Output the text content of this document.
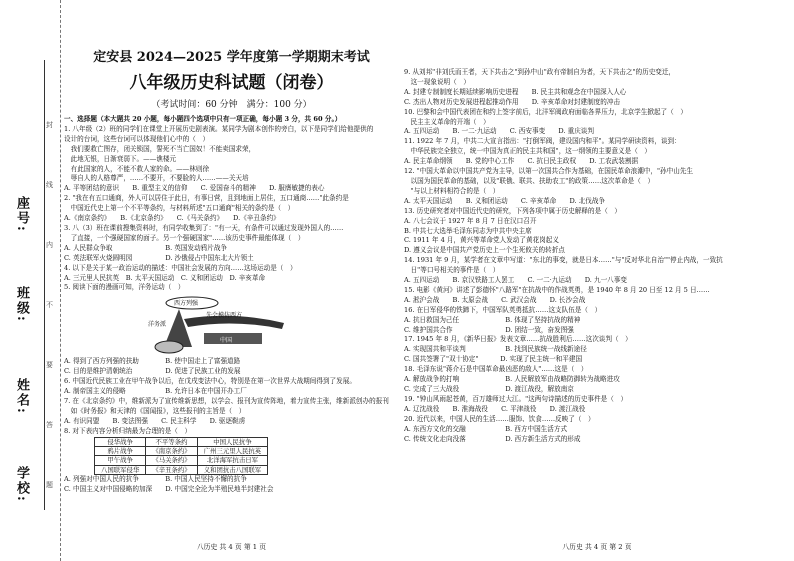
座号:
班级:
姓名:
学校:
封
线
内
不
要
答
题
定安县 2024—2025 学年度第一学期期末考试
八年级历史科试题（闭卷）
（考试时间：60 分钟　满分：100 分）
一、选择题（本大题共 20 小题，每小题四个选项中只有一项正确，每小题 3 分，共 60 分。）
1. 八年级（2）班的同学们在课堂上开展历史剧表演。某同学为剧本创作的旁白，以下是同学们给他提供的
设计的台词，这些台词可以体现他们心中的（　）
　我们要救亡图存，闭关锁国，誓死不当亡国奴！不能卖国求荣，
　此地无银，日渐衰弱下。——谯楼元
　有此国家的人，不能不救人家的命。——林则徐
　辱自人的人格尊严，……不要开，不要脸的人……——关天培
A. 平等团结的意识　　B. 重型主义的信仰　　C. 爱国奋斗的精神　　D. 服膺敏捷的表心
2. "我在有五口通商，外人可以居住于此日，有事日营，且到地面上居住，五口通商……"此条约是
　中国近代史上第一个不平等条约，与材料所述"五口通商"相关的条约是（　）
A.《南京条约》　　B.《北京条约》　　C.《马关条约》　　D.《辛丑条约》
3. 八（3）班在课前搜集资料时，有同学收集到了："有一天，有条件可以通过发现外国人的……
　了直接，一个强硬国家的面子。另一个强硬国家"……该历史事件最能体现（　）
A. 人民群众争取　　　　　　　　B. 英国发动鸦片战争
C. 英法联军火烧圆明园　　　　　D. 沙俄侵占中国东北大片领土
4. 以下是关于某一政治运动的描述：中国社会发展的方向……这场运动是（　）
A. 三元里人民抗英　B. 太平天国运动　C. 义和团运动　D. 辛亥革命
5. 阅读下面的漫画可知，洋务运动（　）
西方列强
先会模仿西方
洋务派
中国
A. 得到了西方列强的扶助　　　　B. 使中国走上了富强道路
C. 目的是维护清朝统治　　　　　D. 促进了民族工业的发展
6. 中国近代民族工业在甲午战争以后，在戊戌变法中心，特别是在第一次世界大战期间得到了发展。
A. 制帝国主义的侵略　　　　　　B. 允许日本在中国开办工厂
7. 在《北京条约》中，维新派为了宣传维新思想，以学会、报刊为宣传阵地，着力宣传主张，维新派创办的报刊
　如《时务报》和天津的《国闻报》，这些报刊的主旨是（　）
A. 有识同盟　　B. 变法图强　　C. 民主科学　　D. 驱逐鞑虏
8. 对下表内容分析归纳最为合理的是（　）
侵华战争	不平等条约	中国人民抗争
鸦片战争	《南京条约》	广州三元里人民抗英
甲午战争	《马关条约》	北洋海军抗击日军
八国联军侵华	《辛丑条约》	义和团抗击八国联军
A. 列强对中国人民的抗争　　　　B. 中国人民坚持不懈的抗争
C. 中国主义对中国侵略的加深　　D. 中国完全沦为半殖民地半封建社会
八历史 共 4 页 第 1 页
9. 从刘邦"非刘氏而王者，天下共击之"到孙中山"政有帝制自为者，天下共击之"的历史变迁，
　这一现象说明（　）
A. 封建专制制度长期延续影响历史进程　　B. 民主共和观念在中国深入人心
C. 杰出人物对历史发展进程起推动作用　　D. 辛亥革命对封建制度的冲击
10. 巴黎和会中国代表团在和约上签字前后，北洋军阀政府面临各界压力，北京学生掀起了（　）
　民主主义革命的开端（　）
A. 五四运动　　B. 一二·九运动　　C. 西安事变　　D. 重庆谈判
11. 1922 年 7 月，中共二大宣言指出："打倒军阀，建设国内和平"。某同学研读资料，谈到：
　中华民族完全独立，统一中国为真正的民主共和国"，这一纲领的主要意义是（　）
A. 民主革命纲领　　B. 党的中心工作　　C. 抗日民主政权　　D. 工农武装割据
12. "中国大革命以中国共产党为主导，以第一次国共合作为基础，在国民革命浪潮中，"孙中山先生
　以国为国民革命的基础，以及"联俄、联共、扶助农工"的政策……这次革命是（　）
　"与以上材料相符合的是（　）
A. 太平天国运动　　B. 义和团运动　　C. 辛亥革命　　D. 北伐战争
13. 历史研究者对中国近代史的研究，下列各项中属于历史解释的是（　）
A. 八七会议于 1927 年 8 月 7 日在汉口召开
B. 中共七大选举毛泽东同志为中共中央主席
C. 1911 年 4 月，黄兴等革命党人发动了黄花岗起义
D. 遵义会议是中国共产党历史上一个生死攸关的转折点
14. 1931 年 9 月，某学者在文章中写道："东北的事变，就是日本……"与"反对华北自治""停止内战，一致抗
　日"等口号相关的事件是（　）
A. 五四运动　　B. 京汉铁路工人罢工　　C. 一二·九运动　　D. 九一八事变
15. 电影《黄河》讲述了彭德怀"八路军"在抗战中的作战英勇，是 1940 年 8 月 20 日至 12 月 5 日……
A. 淞沪会战　　B. 太原会战　　C. 武汉会战　　D. 长沙会战
16. 在日军侵华的铁蹄下，中国军队英勇抵抗……这支队伍是（　）
A. 抗日救国为己任　　　　　　　B. 体现了坚持抗战的精神
C. 维护国共合作　　　　　　　　D. 团结一致，奋发图强
17. 1945 年 8 月，《新华日报》发表文章……抗战胜利后……这次谈判（　）
A. 实现国共和平谈判　　　　　　B. 找到民族统一战线新途径
C. 国共签署了"双十协定"　　　 D. 实现了民主统一和平建国
18. 毛泽东说"蒋介石是中国革命最凶恶的敌人"……这是（　）
A. 解放战争的打响　　　　　　　B. 人民解放军由战略防御转为战略进攻
C. 完成了三大战役　　　　　　　D. 渡江战役，解放南京
19. "钟山风雨起苍黄，百万雄师过大江。"这两句诗描述的历史事件是（　）
A. 辽沈战役　　B. 淮海战役　　C. 平津战役　　D. 渡江战役
20. 近代以来，中国人民的生活……服饰、饮食……反映了（　）
A. 东西方文化的交融　　　　　　B. 西方中国生活方式
C. 传统文化走向没落　　　　　　D. 西方新生活方式的形成
八历史 共 4 页 第 2 页
